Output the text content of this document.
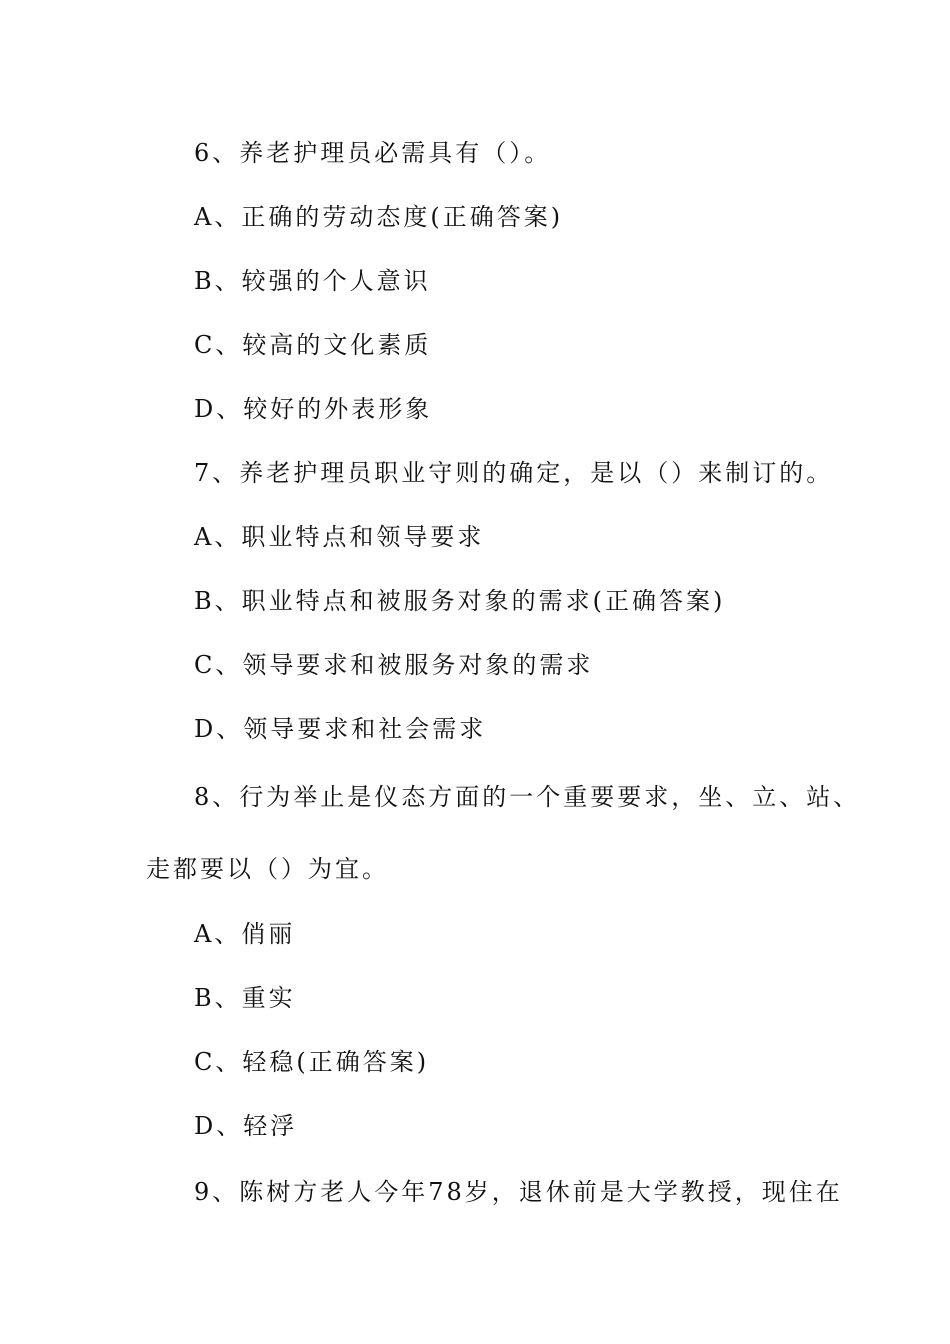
6、养老护理员必需具有（）。
A、正确的劳动态度(正确答案)
B、较强的个人意识
C、较高的文化素质
D、较好的外表形象
7、养老护理员职业守则的确定，是以（）来制订的。
A、职业特点和领导要求
B、职业特点和被服务对象的需求(正确答案)
C、领导要求和被服务对象的需求
D、领导要求和社会需求
8、行为举止是仪态方面的一个重要要求，坐、立、站、
走都要以（）为宜。
A、俏丽
B、重实
C、轻稳(正确答案)
D、轻浮
9、陈树方老人今年78岁，退休前是大学教授，现住在
